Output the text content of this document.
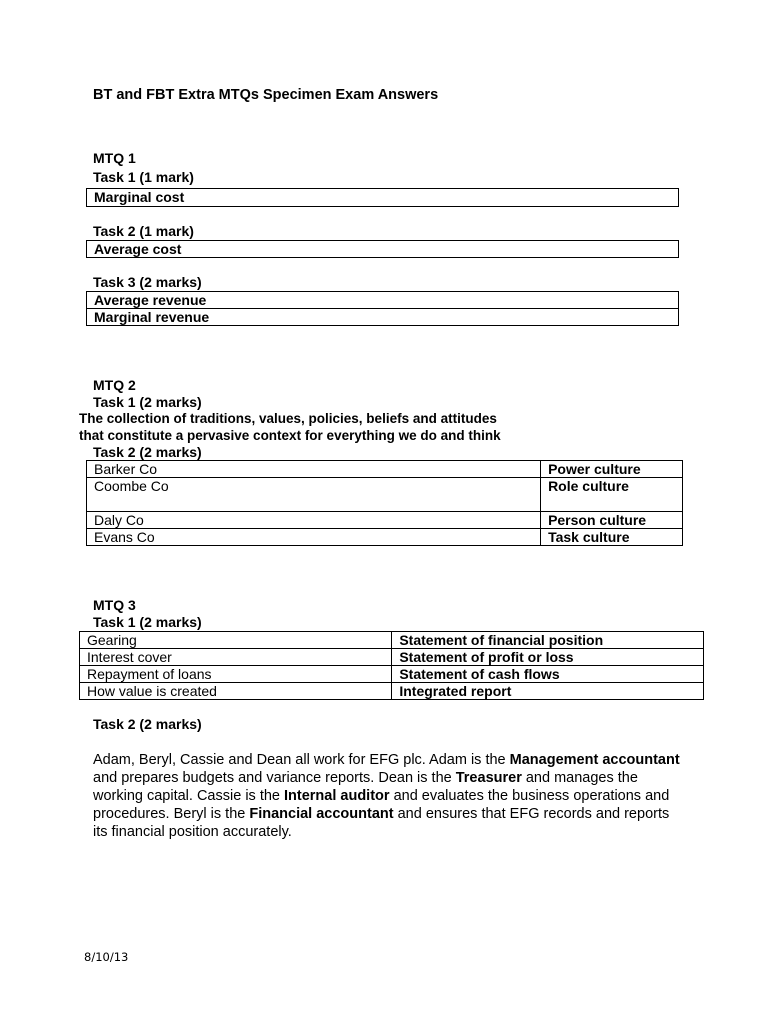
BT and FBT Extra MTQs Specimen Exam Answers
MTQ 1
Task 1 (1 mark)
Marginal cost
Task 2 (1 mark)
Average cost
Task 3 (2 marks)
Average revenue
Marginal revenue
MTQ 2
Task 1 (2 marks)
The collection of traditions, values, policies, beliefs and attitudes
that constitute a pervasive context for everything we do and think
Task 2 (2 marks)
Barker Co	Power culture
Coombe Co	Role culture
Daly Co	Person culture
Evans Co	Task culture
MTQ 3
Task 1 (2 marks)
Gearing	Statement of financial position
Interest cover	Statement of profit or loss
Repayment of loans	Statement of cash flows
How value is created	Integrated report
Task 2 (2 marks)
Adam, Beryl, Cassie and Dean all work for EFG plc. Adam is the Management accountant and prepares budgets and variance reports. Dean is the Treasurer and manages the working capital. Cassie is the Internal auditor and evaluates the business operations and procedures. Beryl is the Financial accountant and ensures that EFG records and reports its financial position accurately.
8/10/13
